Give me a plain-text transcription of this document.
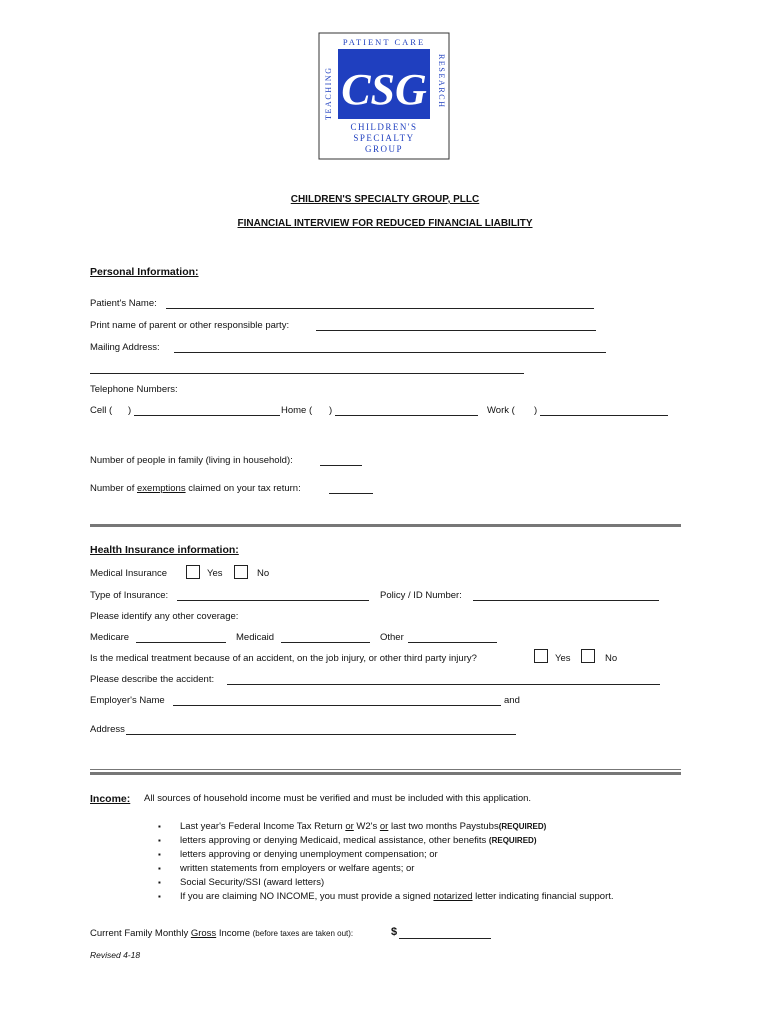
PATIENT CARE
TEACHING	RESEARCH
CSG
CHILDREN'S
SPECIALTY
GROUP
CHILDREN'S SPECIALTY GROUP, PLLC
FINANCIAL INTERVIEW FOR REDUCED FINANCIAL LIABILITY
Personal Information:
Patient's Name:
Print name of parent or other responsible party:
Mailing Address:
Telephone Numbers:
Cell ( )	Home ( )	Work ( )
Number of people in family (living in household):
Number of exemptions claimed on your tax return:
Health Insurance information:
Medical Insurance	Yes	No
Type of Insurance:	Policy / ID Number:
Please identify any other coverage:
Medicare	Medicaid	Other
Is the medical treatment because of an accident, on the job injury, or other third party injury?	Yes	No
Please describe the accident:
Employer's Name	and
Address
Income: All sources of household income must be verified and must be included with this application.
▪ Last year's Federal Income Tax Return or W2's or last two months Paystubs(REQUIRED)
▪ letters approving or denying Medicaid, medical assistance, other benefits (REQUIRED)
▪ letters approving or denying unemployment compensation; or
▪ written statements from employers or welfare agents; or
▪ Social Security/SSI (award letters)
▪ If you are claiming NO INCOME, you must provide a signed notarized letter indicating financial support.
Current Family Monthly Gross Income (before taxes are taken out):	$
Revised 4-18
